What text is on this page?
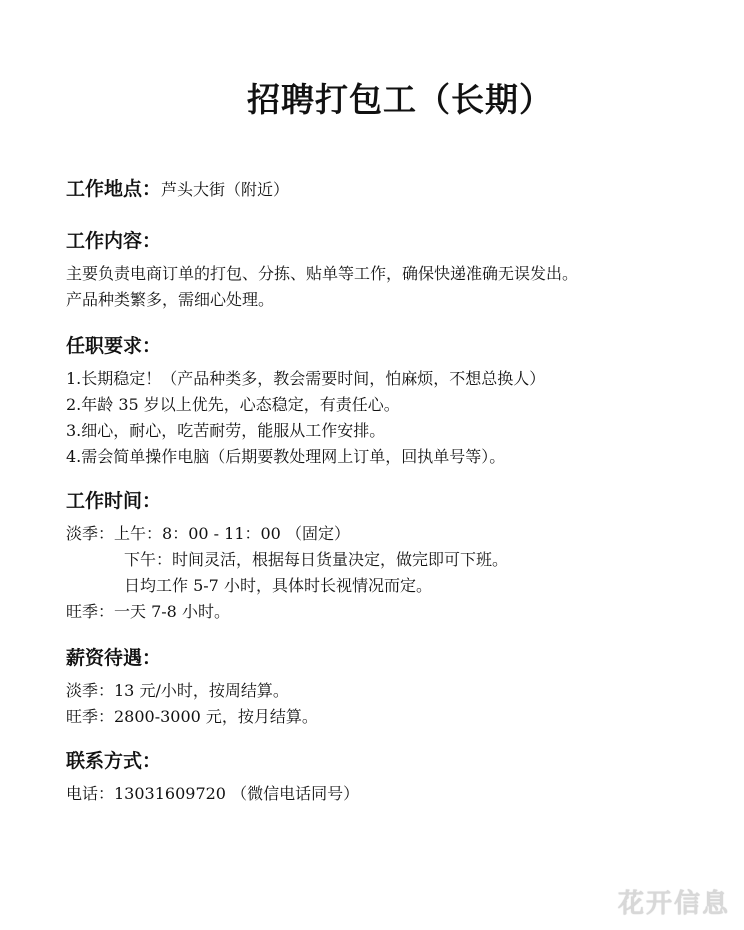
招聘打包工（长期）
工作地点：芦头大街（附近）
工作内容：
主要负责电商订单的打包、分拣、贴单等工作，确保快递准确无误发出。
产品种类繁多，需细心处理。
任职要求：
1.长期稳定！（产品种类多，教会需要时间，怕麻烦，不想总换人）
2.年龄 35 岁以上优先，心态稳定，有责任心。
3.细心，耐心，吃苦耐劳，能服从工作安排。
4.需会简单操作电脑（后期要教处理网上订单，回执单号等）。
工作时间：
淡季：上午：8：00 - 11：00 （固定）
下午：时间灵活，根据每日货量决定，做完即可下班。
日均工作 5-7 小时，具体时长视情况而定。
旺季：一天 7-8 小时。
薪资待遇：
淡季：13 元/小时，按周结算。
旺季：2800-3000 元，按月结算。
联系方式：
电话：13031609720 （微信电话同号）
花开信息
